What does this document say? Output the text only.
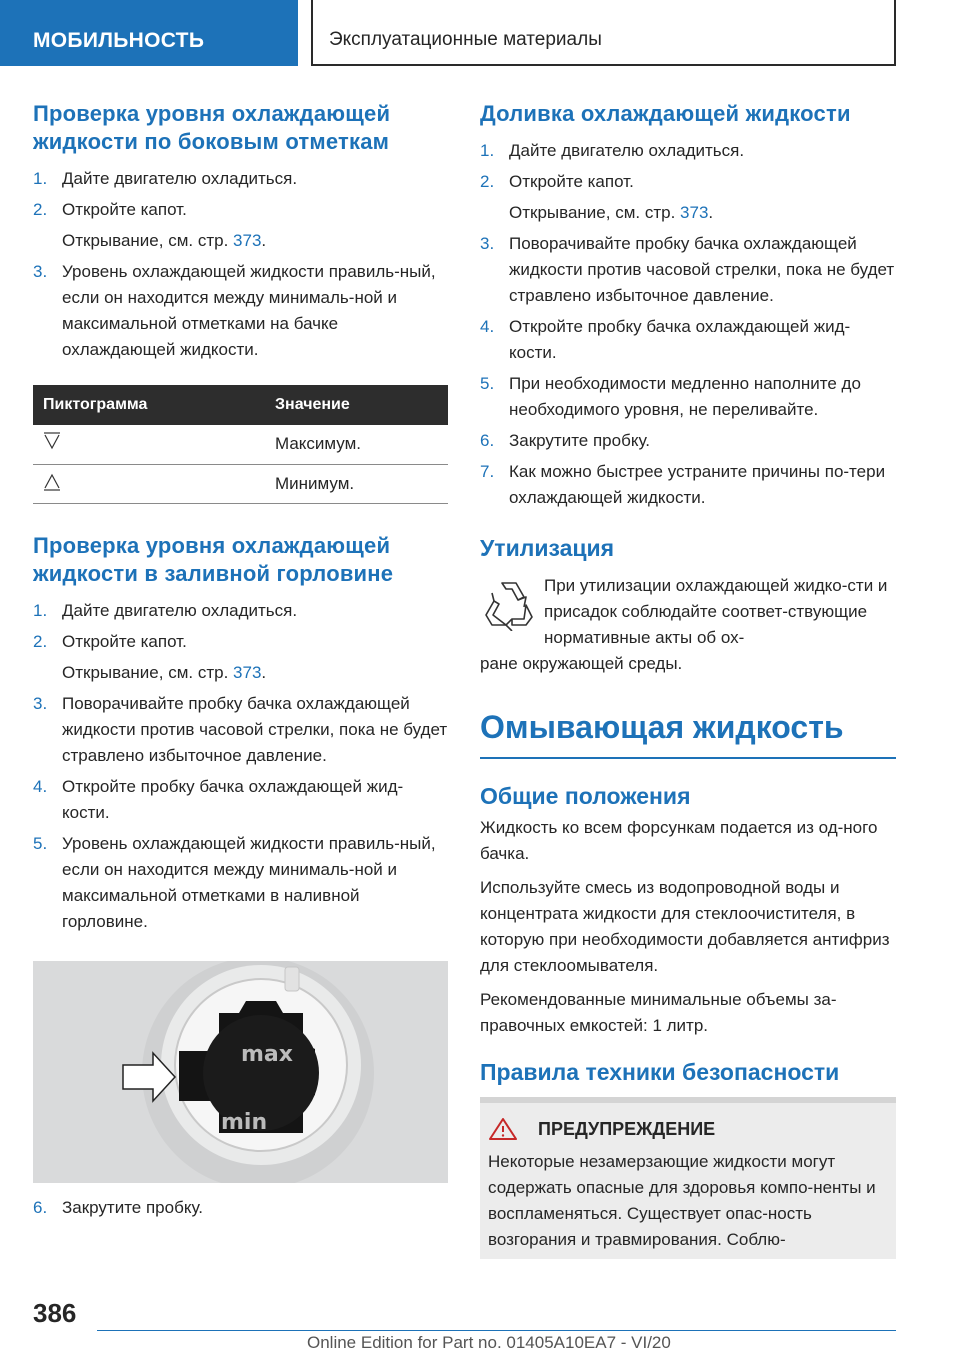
МОБИЛЬНОСТЬ	Эксплуатационные материалы
Проверка уровня охлаждающей жидкости по боковым отметкам
1. Дайте двигателю охладиться.
2. Откройте капот.
Открывание, см. стр. 373.
3. Уровень охлаждающей жидкости правиль-ный, если он находится между минималь-ной и максимальной отметками на бачке охлаждающей жидкости.
Пиктограмма	Значение
	Максимум.
	Минимум.
Проверка уровня охлаждающей жидкости в заливной горловине
1. Дайте двигателю охладиться.
2. Откройте капот.
Открывание, см. стр. 373.
3. Поворачивайте пробку бачка охлаждающей жидкости против часовой стрелки, пока не будет стравлено избыточное давление.
4. Откройте пробку бачка охлаждающей жид-кости.
5. Уровень охлаждающей жидкости правиль-ный, если он находится между минималь-ной и максимальной отметками в наливной горловине.
max
min
6. Закрутите пробку.
Доливка охлаждающей жидкости
1. Дайте двигателю охладиться.
2. Откройте капот.
Открывание, см. стр. 373.
3. Поворачивайте пробку бачка охлаждающей жидкости против часовой стрелки, пока не будет стравлено избыточное давление.
4. Откройте пробку бачка охлаждающей жид-кости.
5. При необходимости медленно наполните до необходимого уровня, не переливайте.
6. Закрутите пробку.
7. Как можно быстрее устраните причины по-тери охлаждающей жидкости.
Утилизация
При утилизации охлаждающей жидко-сти и присадок соблюдайте соответ-ствующие нормативные акты об ох-
ране окружающей среды.
Омывающая жидкость
Общие положения
Жидкость ко всем форсункам подается из од-ного бачка.
Используйте смесь из водопроводной воды и концентрата жидкости для стеклоочистителя, в которую при необходимости добавляется антифриз для стеклоомывателя.
Рекомендованные минимальные объемы за-правочных емкостей: 1 литр.
Правила техники безопасности
ПРЕДУПРЕЖДЕНИЕ

Некоторые незамерзающие жидкости могут содержать опасные для здоровья компо-ненты и воспламеняться. Существует опас-ность возгорания и травмирования. Соблю-

386
Online Edition for Part no. 01405A10EA7 - VI/20
